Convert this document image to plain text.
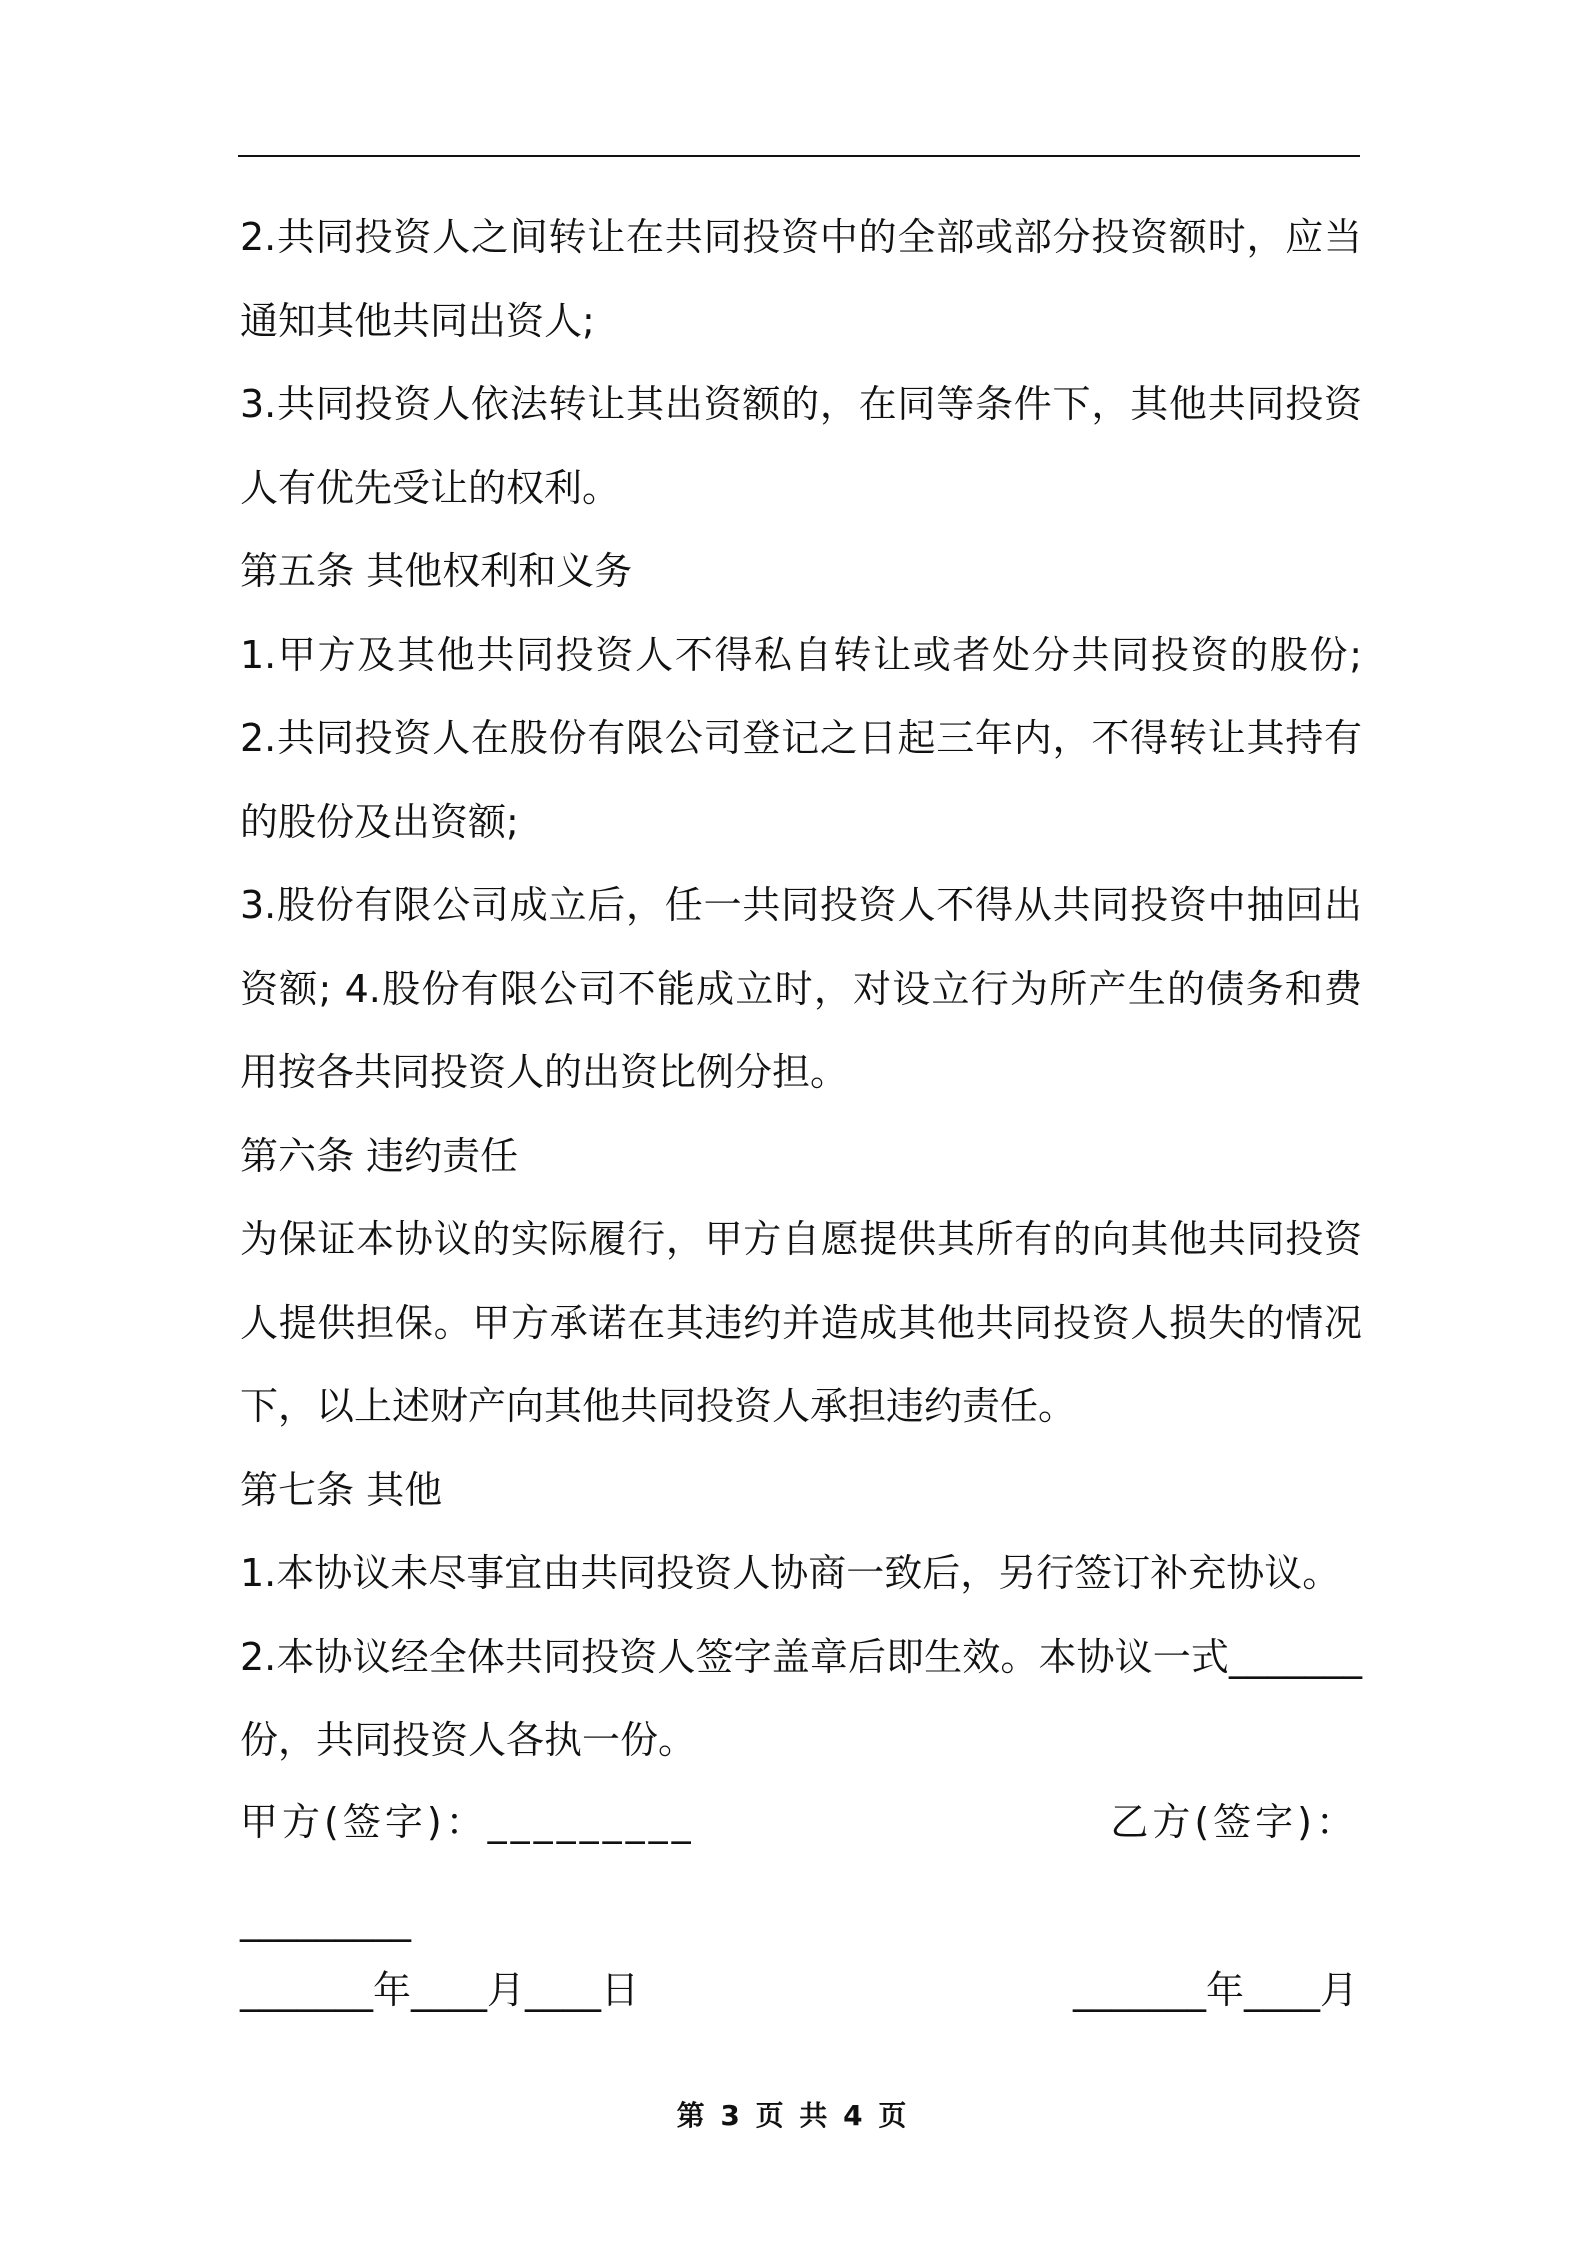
2.共同投资人之间转让在共同投资中的全部或部分投资额时，应当通知其他共同出资人;

3.共同投资人依法转让其出资额的，在同等条件下，其他共同投资人有优先受让的权利。

第五条 其他权利和义务

1.甲方及其他共同投资人不得私自转让或者处分共同投资的股份; 2.共同投资人在股份有限公司登记之日起三年内，不得转让其持有的股份及出资额;

3.股份有限公司成立后，任一共同投资人不得从共同投资中抽回出资额; 4.股份有限公司不能成立时，对设立行为所产生的债务和费用按各共同投资人的出资比例分担。

第六条 违约责任

为保证本协议的实际履行，甲方自愿提供其所有的向其他共同投资人提供担保。甲方承诺在其违约并造成其他共同投资人损失的情况下，以上述财产向其他共同投资人承担违约责任。

第七条 其他

1.本协议未尽事宜由共同投资人协商一致后，另行签订补充协议。

2.本协议经全体共同投资人签字盖章后即生效。本协议一式_______份，共同投资人各执一份。

甲方(签字)：_________	乙方(签字)：
_________
_______年____月____日	_______年____月
第 3 页 共 4 页
